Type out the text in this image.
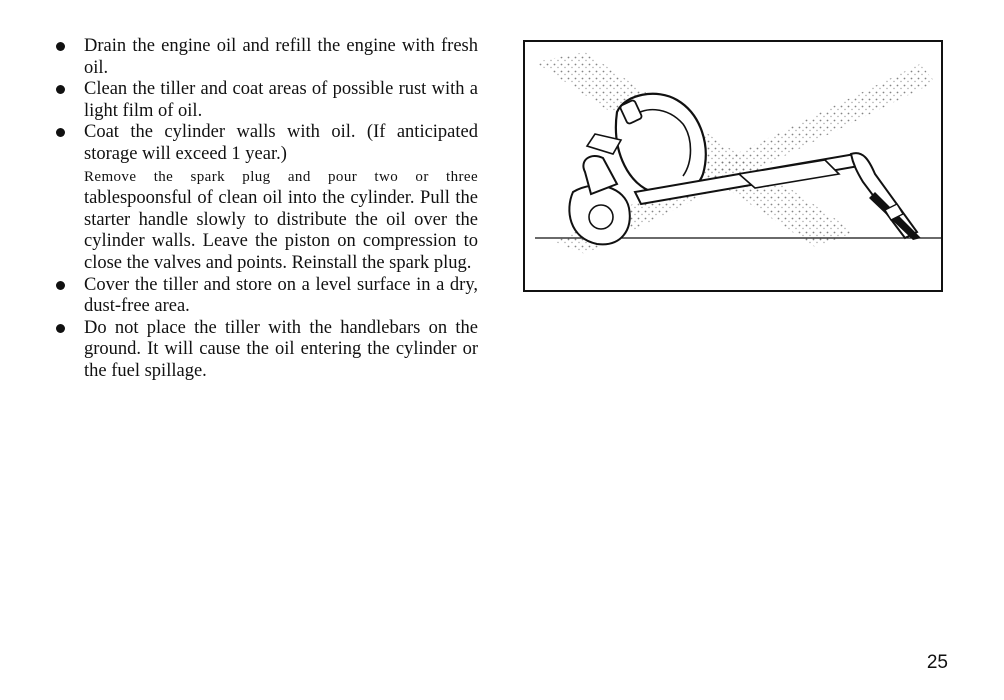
Drain the engine oil and refill the engine with fresh oil.
Clean the tiller and coat areas of possible rust with a light film of oil.
Coat the cylinder walls with oil. (If anticipated storage will exceed 1 year.)
Remove the spark plug and pour two or three tablespoonsful of clean oil into the cylinder. Pull the starter handle slowly to distribute the oil over the cylinder walls. Leave the piston on compression to close the valves and points. Reinstall the spark plug.
Cover the tiller and store on a level surface in a dry, dust-free area.
Do not place the tiller with the handlebars on the ground. It will cause the oil entering the cylinder or the fuel spillage.
25
